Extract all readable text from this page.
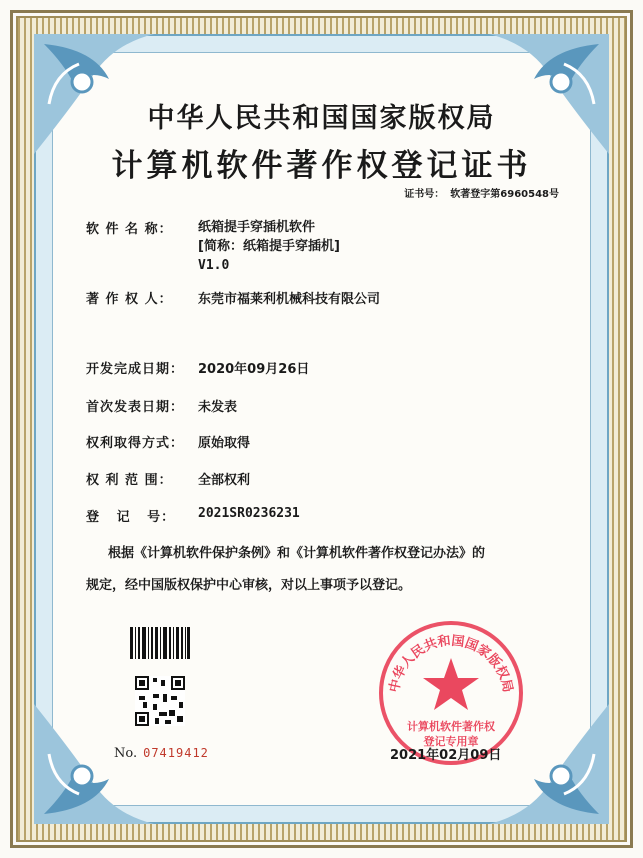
中华人民共和国国家版权局
计算机软件著作权登记证书
证书号： 软著登字第6960548号
软 件 名 称： 纸箱提手穿插机软件
[简称：纸箱提手穿插机]
V1.0
著 作 权 人： 东莞市福莱利机械科技有限公司
开发完成日期： 2020年09月26日
首次发表日期： 未发表
权利取得方式： 原始取得
权 利 范 围： 全部权利
登   记   号： 2021SR0236231
根据《计算机软件保护条例》和《计算机软件著作权登记办法》的
规定，经中国版权保护中心审核，对以上事项予以登记。
No. 07419412
中华人民共和国国家版权局
计算机软件著作权
登记专用章
2021年02月09日
